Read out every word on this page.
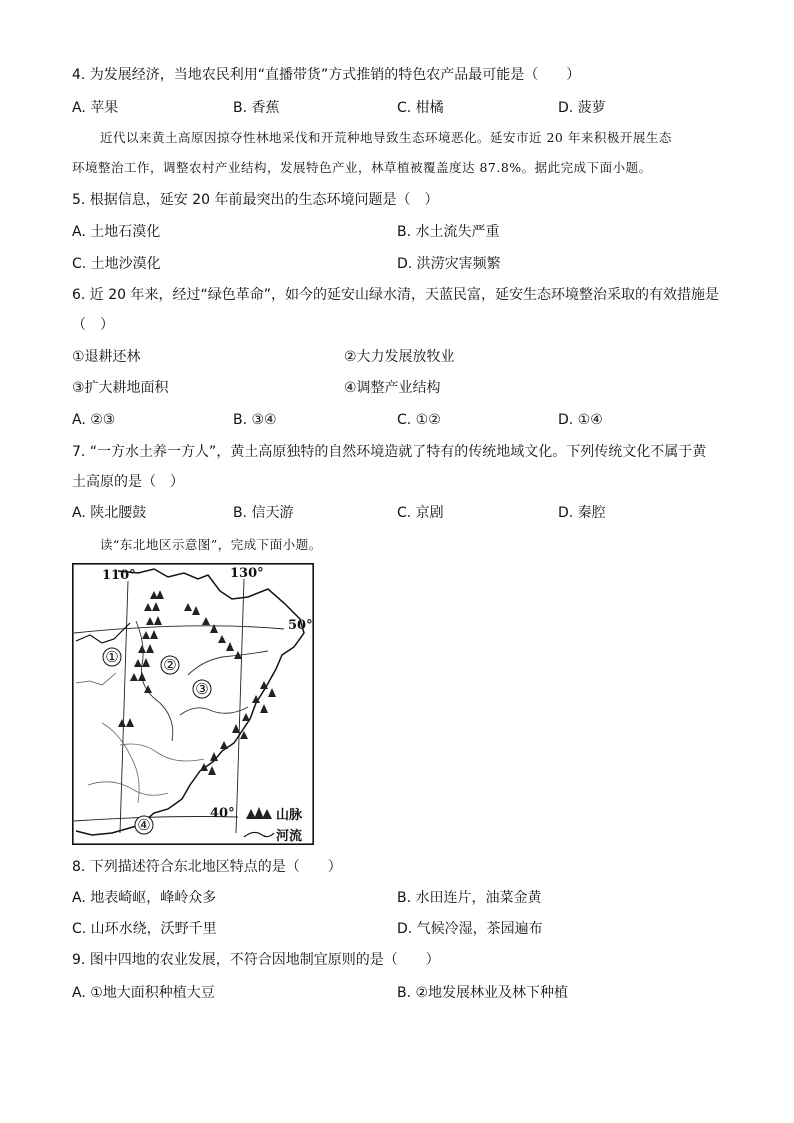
4. 为发展经济，当地农民利用“直播带货”方式推销的特色农产品最可能是（　　）
A. 苹果	B. 香蕉	C. 柑橘	D. 菠萝
近代以来黄土高原因掠夺性林地采伐和开荒种地导致生态环境恶化。延安市近 20 年来积极开展生态
环境整治工作，调整农村产业结构，发展特色产业，林草植被覆盖度达 87.8%。据此完成下面小题。
5. 根据信息，延安 20 年前最突出的生态环境问题是（　）
A. 土地石漠化	B. 水土流失严重
C. 土地沙漠化	D. 洪涝灾害频繁
6. 近 20 年来，经过“绿色革命”，如今的延安山绿水清，天蓝民富，延安生态环境整治采取的有效措施是
（　）
①退耕还林	②大力发展放牧业
③扩大耕地面积	④调整产业结构
A. ②③	B. ③④	C. ①②	D. ①④
7. “一方水土养一方人”，黄土高原独特的自然环境造就了特有的传统地域文化。下列传统文化不属于黄
土高原的是（　）
A. 陕北腰鼓	B. 信天游	C. 京剧	D. 秦腔
读“东北地区示意图”，完成下面小题。
①	②
③
④
110°	130°
50°
40°	山脉
河流
8. 下列描述符合东北地区特点的是（　　）
A. 地表崎岖，峰岭众多	B. 水田连片，油菜金黄
C. 山环水绕，沃野千里	D. 气候冷湿，茶园遍布
9. 图中四地的农业发展，不符合因地制宜原则的是（　　）
A. ①地大面积种植大豆	B. ②地发展林业及林下种植
